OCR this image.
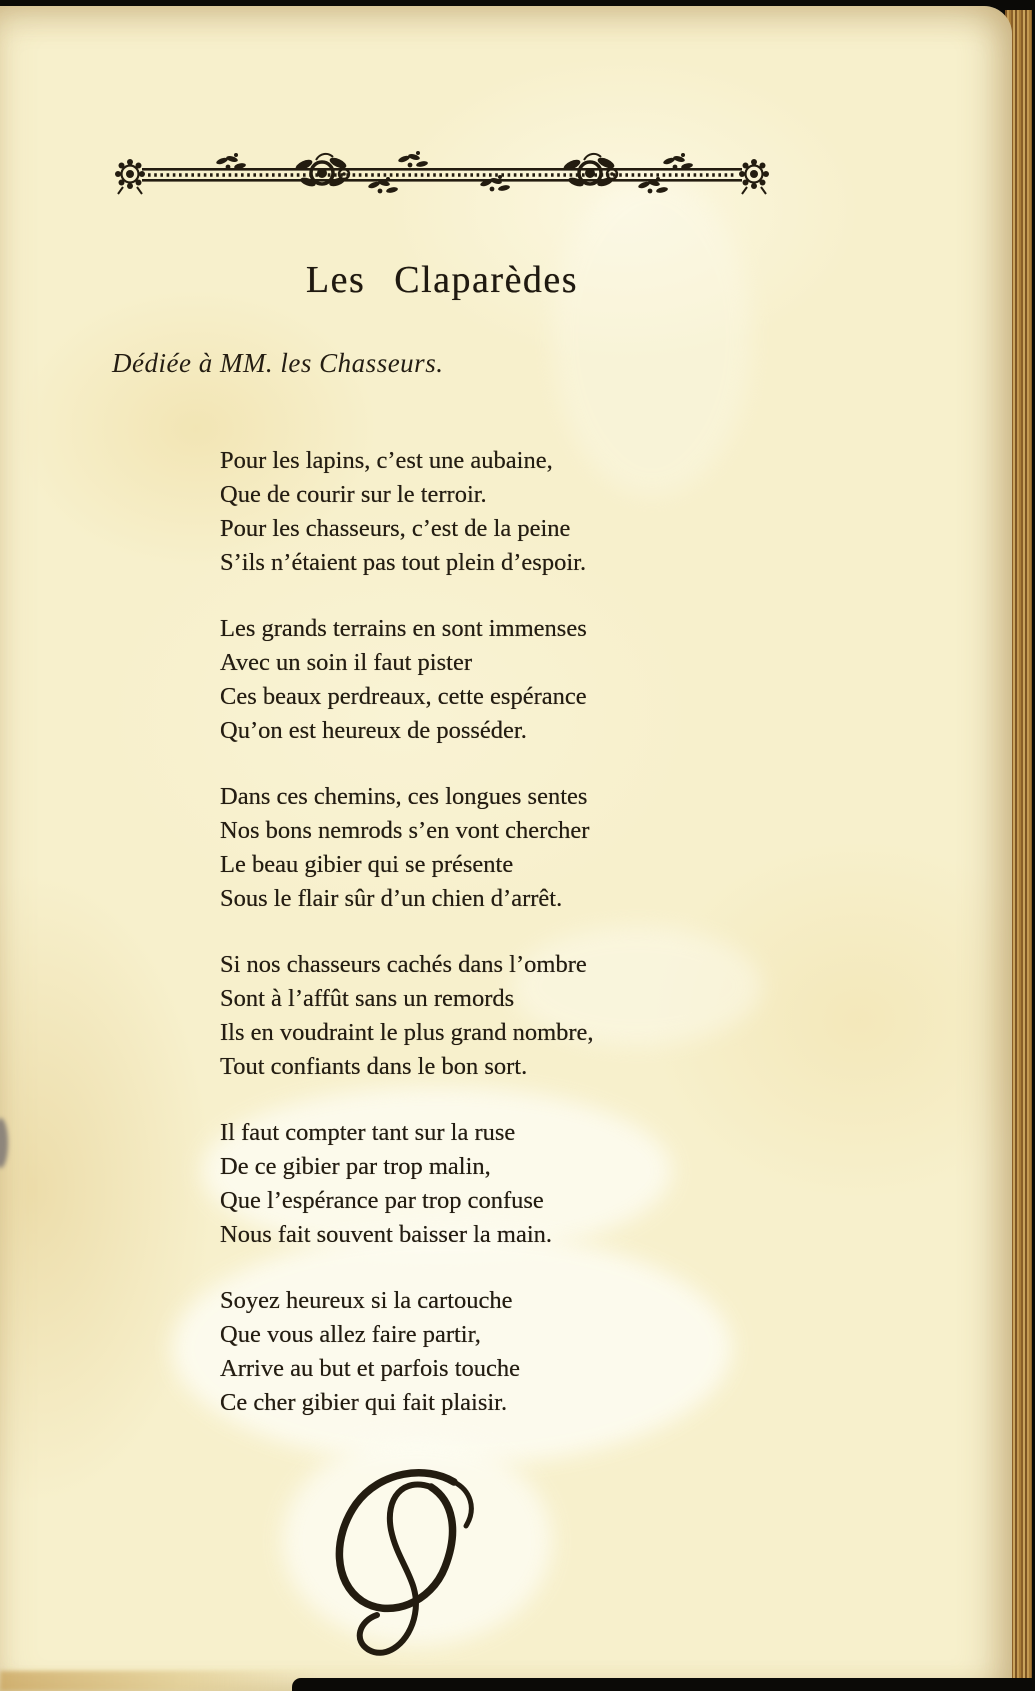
Les Claparèdes

Dédiée à MM. les Chasseurs.

Pour les lapins, c’est une aubaine,
Que de courir sur le terroir.
Pour les chasseurs, c’est de la peine
S’ils n’étaient pas tout plein d’espoir.
Les grands terrains en sont immenses
Avec un soin il faut pister
Ces beaux perdreaux, cette espérance
Qu’on est heureux de posséder.
Dans ces chemins, ces longues sentes
Nos bons nemrods s’en vont chercher
Le beau gibier qui se présente
Sous le flair sûr d’un chien d’arrêt.
Si nos chasseurs cachés dans l’ombre
Sont à l’affût sans un remords
Ils en voudraint le plus grand nombre,
Tout confiants dans le bon sort.
Il faut compter tant sur la ruse
De ce gibier par trop malin,
Que l’espérance par trop confuse
Nous fait souvent baisser la main.
Soyez heureux si la cartouche
Que vous allez faire partir,
Arrive au but et parfois touche
Ce cher gibier qui fait plaisir.
